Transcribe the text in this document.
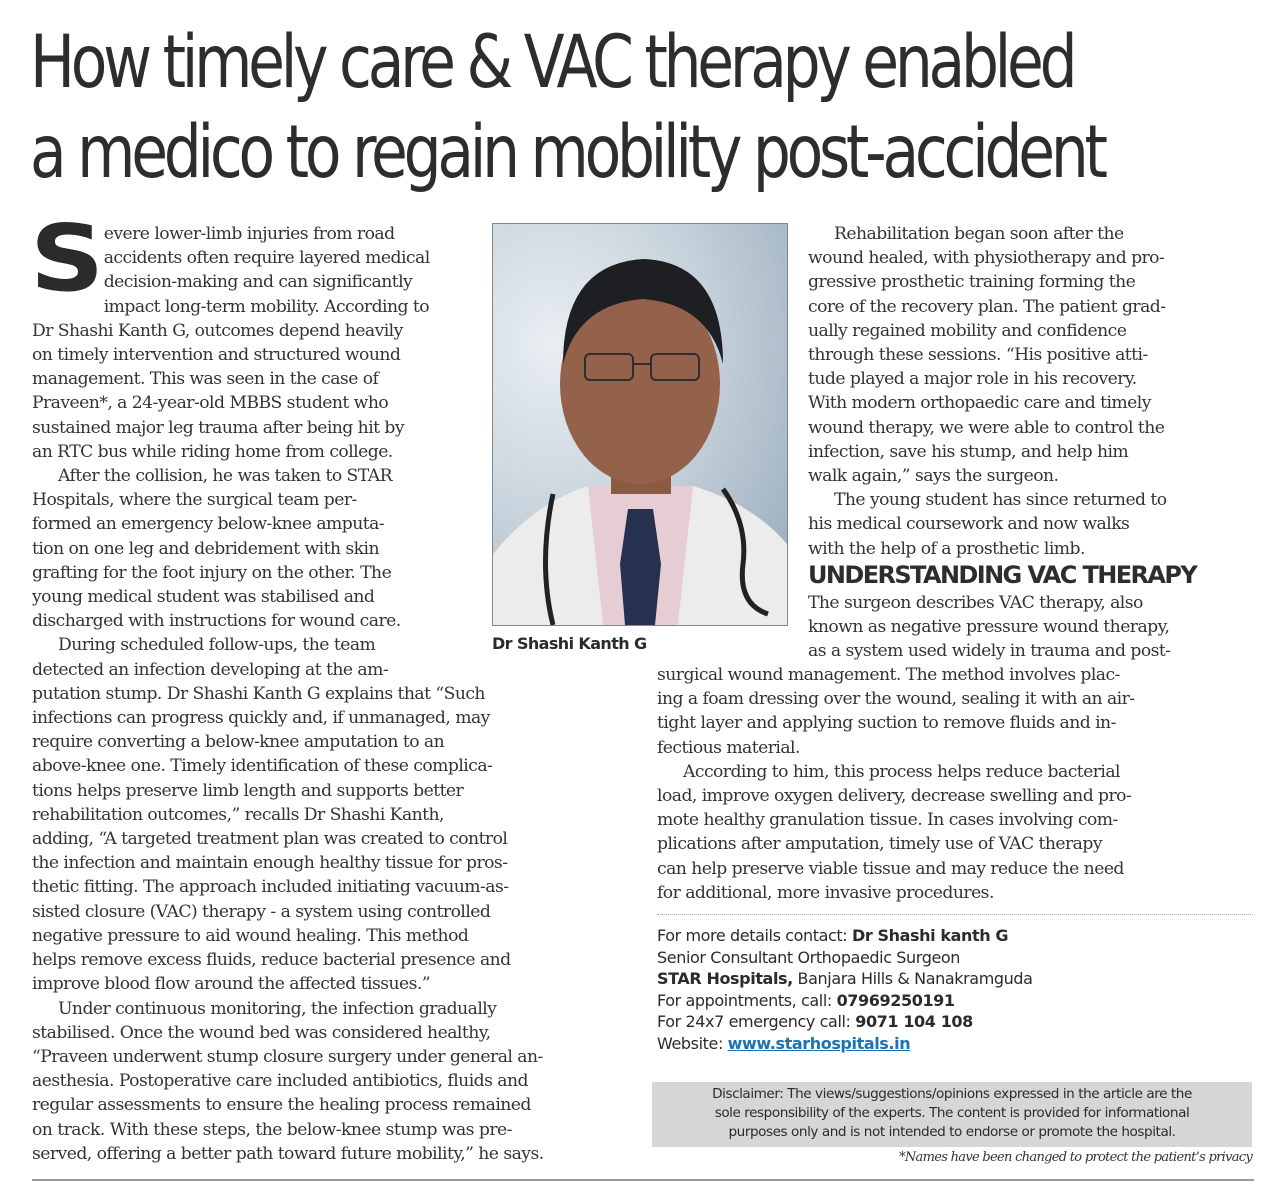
How timely care & VAC therapy enabled
a medico to regain mobility post-accident
S evere lower-limb injuries from road
accidents often require layered medical
decision-making and can significantly
impact long-term mobility. According to
Dr Shashi Kanth G, outcomes depend heavily
on timely intervention and structured wound
management. This was seen in the case of
Praveen*, a 24-year-old MBBS student who
sustained major leg trauma after being hit by
an RTC bus while riding home from college.

After the collision, he was taken to STAR
Hospitals, where the surgical team per-
formed an emergency below-knee amputa-
tion on one leg and debridement with skin
grafting for the foot injury on the other. The
young medical student was stabilised and
discharged with instructions for wound care.

During scheduled follow-ups, the team
detected an infection developing at the am-
putation stump. Dr Shashi Kanth G explains that “Such
infections can progress quickly and, if unmanaged, may
require converting a below-knee amputation to an
above-knee one. Timely identification of these complica-
tions helps preserve limb length and supports better
rehabilitation outcomes,” recalls Dr Shashi Kanth,
adding, “A targeted treatment plan was created to control
the infection and maintain enough healthy tissue for pros-
thetic fitting. The approach included initiating vacuum-as-
sisted closure (VAC) therapy - a system using controlled
negative pressure to aid wound healing. This method
helps remove excess fluids, reduce bacterial presence and
improve blood flow around the affected tissues.”

Under continuous monitoring, the infection gradually
stabilised. Once the wound bed was considered healthy,
“Praveen underwent stump closure surgery under general an-
aesthesia. Postoperative care included antibiotics, fluids and
regular assessments to ensure the healing process remained
on track. With these steps, the below-knee stump was pre-
served, offering a better path toward future mobility,” he says.

Dr Shashi Kanth G

Rehabilitation began soon after the
wound healed, with physiotherapy and pro-
gressive prosthetic training forming the
core of the recovery plan. The patient grad-
ually regained mobility and confidence
through these sessions. “His positive atti-
tude played a major role in his recovery.
With modern orthopaedic care and timely
wound therapy, we were able to control the
infection, save his stump, and help him
walk again,” says the surgeon.

The young student has since returned to
his medical coursework and now walks
with the help of a prosthetic limb.

UNDERSTANDING VAC THERAPY

The surgeon describes VAC therapy, also
known as negative pressure wound therapy,
as a system used widely in trauma and post-

surgical wound management. The method involves plac-
ing a foam dressing over the wound, sealing it with an air-
tight layer and applying suction to remove fluids and in-
fectious material.

According to him, this process helps reduce bacterial
load, improve oxygen delivery, decrease swelling and pro-
mote healthy granulation tissue. In cases involving com-
plications after amputation, timely use of VAC therapy
can help preserve viable tissue and may reduce the need
for additional, more invasive procedures.

For more details contact: Dr Shashi kanth G
Senior Consultant Orthopaedic Surgeon
STAR Hospitals, Banjara Hills & Nanakramguda
For appointments, call: 07969250191
For 24x7 emergency call: 9071 104 108
Website: www.starhospitals.in
Disclaimer: The views/suggestions/opinions expressed in the article are the
sole responsibility of the experts. The content is provided for informational
purposes only and is not intended to endorse or promote the hospital.
*Names have been changed to protect the patient’s privacy
